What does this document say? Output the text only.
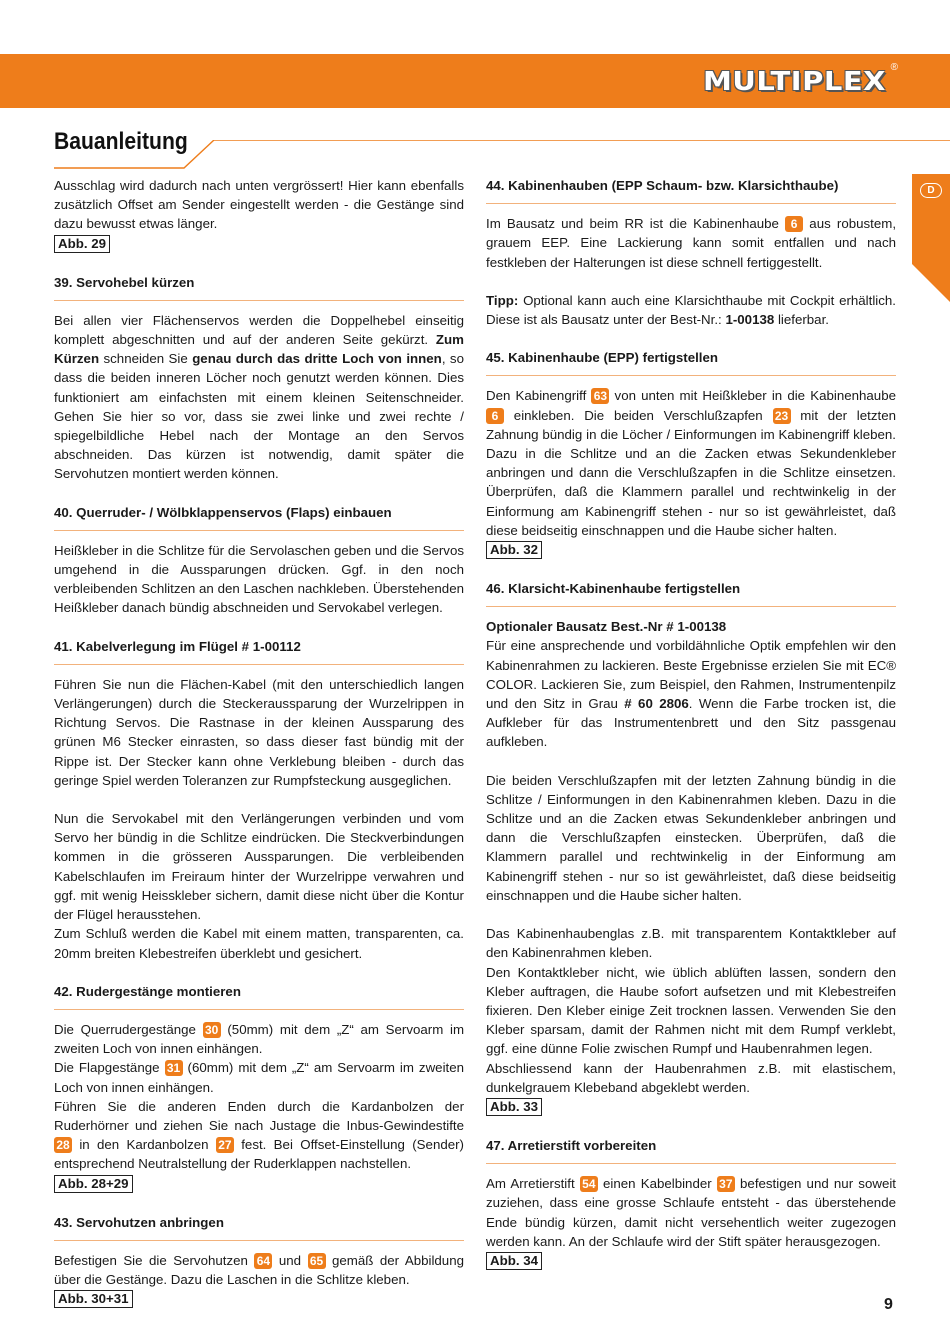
MULTIPLEX ®
Bauanleitung
D

Ausschlag wird dadurch nach unten vergrössert! Hier kann ebenfalls zusätzlich Offset am Sender eingestellt werden - die Gestänge sind dazu bewusst etwas länger.

Abb. 29
39. Servohebel kürzen

Bei allen vier Flächenservos werden die Doppelhebel einseitig komplett abgeschnitten und auf der anderen Seite gekürzt. Zum Kürzen schneiden Sie genau durch das dritte Loch von innen, so dass die beiden inneren Löcher noch genutzt werden können. Dies funktioniert am einfachsten mit einem kleinen Seitenschneider. Gehen Sie hier so vor, dass sie zwei linke und zwei rechte / spiegelbildliche Hebel nach der Montage an den Servos abschneiden. Das kürzen ist notwendig, damit später die Servohutzen montiert werden können.

40. Querruder- / Wölbklappenservos (Flaps) einbauen

Heißkleber in die Schlitze für die Servolaschen geben und die Servos umgehend in die Aussparungen drücken. Ggf. in den noch verbleibenden Schlitzen an den Laschen nachkleben. Überstehenden Heißkleber danach bündig abschneiden und Servokabel verlegen.

41. Kabelverlegung im Flügel # 1-00112

Führen Sie nun die Flächen-Kabel (mit den unterschiedlich langen Verlängerungen) durch die Steckeraussparung der Wurzelrippen in Richtung Servos. Die Rastnase in der kleinen Aussparung des grünen M6 Stecker einrasten, so dass dieser fast bündig mit der Rippe ist. Der Stecker kann ohne Verklebung bleiben - durch das geringe Spiel werden Toleranzen zur Rumpfsteckung ausgeglichen.

Nun die Servokabel mit den Verlängerungen verbinden und vom Servo her bündig in die Schlitze eindrücken. Die Steckverbindungen kommen in die grösseren Aussparungen. Die verbleibenden Kabelschlaufen im Freiraum hinter der Wurzelrippe verwahren und ggf. mit wenig Heisskleber sichern, damit diese nicht über die Kontur der Flügel herausstehen.

Zum Schluß werden die Kabel mit einem matten, transparenten, ca. 20mm breiten Klebestreifen überklebt und gesichert.

42. Rudergestänge montieren

Die Querrudergestänge 30 (50mm) mit dem „Z“ am Servoarm im zweiten Loch von innen einhängen.

Die Flapgestänge 31 (60mm) mit dem „Z“ am Servoarm im zweiten Loch von innen einhängen.

Führen Sie die anderen Enden durch die Kardanbolzen der Ruderhörner und ziehen Sie nach Justage die Inbus-Gewindestifte 28 in den Kardanbolzen 27 fest. Bei Offset-Einstellung (Sender) entsprechend Neutralstellung der Ruderklappen nachstellen.

Abb. 28+29
43. Servohutzen anbringen

Befestigen Sie die Servohutzen 64 und 65 gemäß der Abbildung über die Gestänge. Dazu die Laschen in die Schlitze kleben.

Abb. 30+31
44. Kabinenhauben (EPP Schaum- bzw. Klarsichthaube)

Im Bausatz und beim RR ist die Kabinenhaube 6 aus robustem, grauem EEP. Eine Lackierung kann somit entfallen und nach festkleben der Halterungen ist diese schnell fertiggestellt.

Tipp: Optional kann auch eine Klarsichthaube mit Cockpit erhältlich. Diese ist als Bausatz unter der Best-Nr.: 1-00138 lieferbar.

45. Kabinenhaube (EPP) fertigstellen

Den Kabinengriff 63 von unten mit Heißkleber in die Kabinenhaube 6 einkleben. Die beiden Verschlußzapfen 23 mit der letzten Zahnung bündig in die Löcher / Einformungen im Kabinengriff kleben. Dazu in die Schlitze und an die Zacken etwas Sekundenkleber anbringen und dann die Verschlußzapfen in die Schlitze einsetzen. Überprüfen, daß die Klammern parallel und rechtwinkelig in der Einformung am Kabinengriff stehen - nur so ist gewährleistet, daß diese beidseitig einschnappen und die Haube sicher halten.

Abb. 32
46. Klarsicht-Kabinenhaube fertigstellen
Optionaler Bausatz Best.-Nr # 1-00138

Für eine ansprechende und vorbildähnliche Optik empfehlen wir den Kabinenrahmen zu lackieren. Beste Ergebnisse erzielen Sie mit EC® COLOR. Lackieren Sie, zum Beispiel, den Rahmen, Instrumentenpilz und den Sitz in Grau # 60 2806. Wenn die Farbe trocken ist, die Aufkleber für das Instrumentenbrett und den Sitz passgenau aufkleben.

Die beiden Verschlußzapfen mit der letzten Zahnung bündig in die Schlitze / Einformungen in den Kabinenrahmen kleben. Dazu in die Schlitze und an die Zacken etwas Sekundenkleber anbringen und dann die Verschlußzapfen einstecken. Überprüfen, daß die Klammern parallel und rechtwinkelig in der Einformung am Kabinengriff stehen - nur so ist gewährleistet, daß diese beidseitig einschnappen und die Haube sicher halten.

Das Kabinenhaubenglas z.B. mit transparentem Kontaktkleber auf den Kabinenrahmen kleben.

Den Kontaktkleber nicht, wie üblich ablüften lassen, sondern den Kleber auftragen, die Haube sofort aufsetzen und mit Klebestreifen fixieren. Den Kleber einige Zeit trocknen lassen. Verwenden Sie den Kleber sparsam, damit der Rahmen nicht mit dem Rumpf verklebt, ggf. eine dünne Folie zwischen Rumpf und Haubenrahmen legen.

Abschliessend kann der Haubenrahmen z.B. mit elastischem, dunkelgrauem Klebeband abgeklebt werden.

Abb. 33
47. Arretierstift vorbereiten

Am Arretierstift 54 einen Kabelbinder 37 befestigen und nur soweit zuziehen, dass eine grosse Schlaufe entsteht - das überstehende Ende bündig kürzen, damit nicht versehentlich weiter zugezogen werden kann. An der Schlaufe wird der Stift später herausgezogen.

Abb. 34
9
